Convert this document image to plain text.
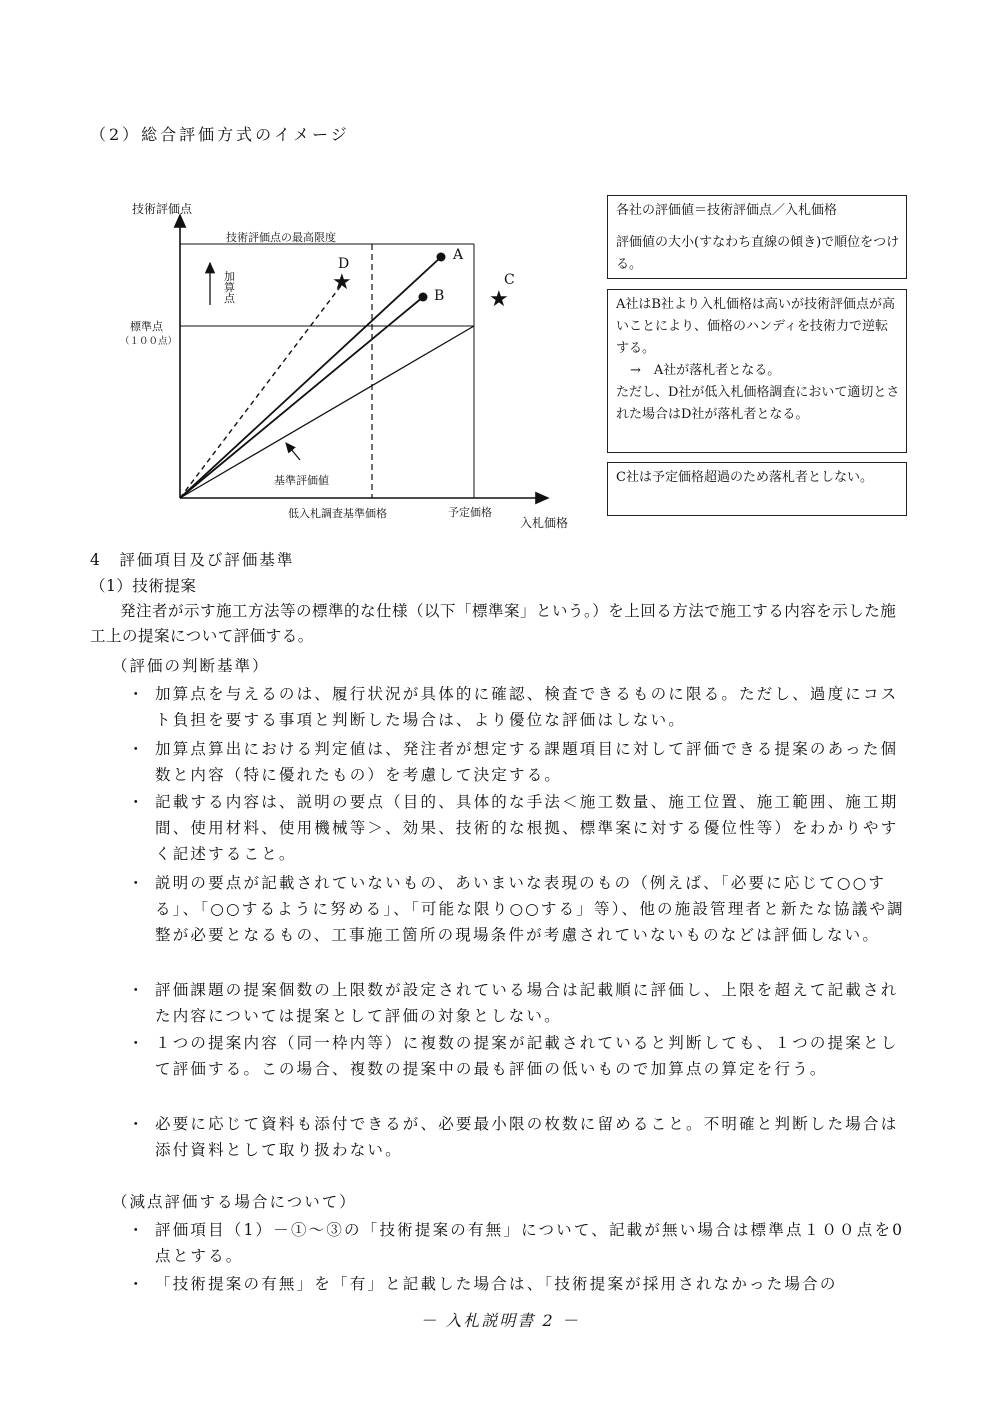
（2）総合評価方式のイメージ
★
★
技術評価点
技術評価点の最高限度
標準点
（１００点）
加算点
基準評価値
低入札調査基準価格	予定価格
入札価格
A
B
C
D

各社の評価値＝技術評価点／入札価格

評価値の大小(すなわち直線の傾き)で順位をつける。

A社はB社より入札価格は高いが技術評価点が高いことにより、価格のハンディを技術力で逆転する。

→　A社が落札者となる。

ただし、D社が低入札価格調査において適切とされた場合はD社が落札者となる。

C社は予定価格超過のため落札者としない。

4　評価項目及び評価基準
（1）技術提案
発注者が示す施工方法等の標準的な仕様（以下「標準案」という。）を上回る方法で施工する内容を示した施工上の提案について評価する。
（評価の判断基準）
・ 加算点を与えるのは、履行状況が具体的に確認、検査できるものに限る。ただし、過度にコスト負担を要する事項と判断した場合は、より優位な評価はしない。

・ 加算点算出における判定値は、発注者が想定する課題項目に対して評価できる提案のあった個数と内容（特に優れたもの）を考慮して決定する。

・ 記載する内容は、説明の要点（目的、具体的な手法＜施工数量、施工位置、施工範囲、施工期間、使用材料、使用機械等＞、効果、技術的な根拠、標準案に対する優位性等）をわかりやすく記述すること。

・ 説明の要点が記載されていないもの、あいまいな表現のもの（例えば、「必要に応じて○○する」、「○○するように努める」、「可能な限り○○する」等）、他の施設管理者と新たな協議や調整が必要となるもの、工事施工箇所の現場条件が考慮されていないものなどは評価しない。

・ 評価課題の提案個数の上限数が設定されている場合は記載順に評価し、上限を超えて記載された内容については提案として評価の対象としない。

・ １つの提案内容（同一枠内等）に複数の提案が記載されていると判断しても、１つの提案として評価する。この場合、複数の提案中の最も評価の低いもので加算点の算定を行う。

・ 必要に応じて資料も添付できるが、必要最小限の枚数に留めること。不明確と判断した場合は添付資料として取り扱わない。

（減点評価する場合について）
・ 評価項目（1）－①～③の「技術提案の有無」について、記載が無い場合は標準点１００点を0点とする。

・ 「技術提案の有無」を「有」と記載した場合は、「技術提案が採用されなかった場合の

－ 入札説明書 2 －
